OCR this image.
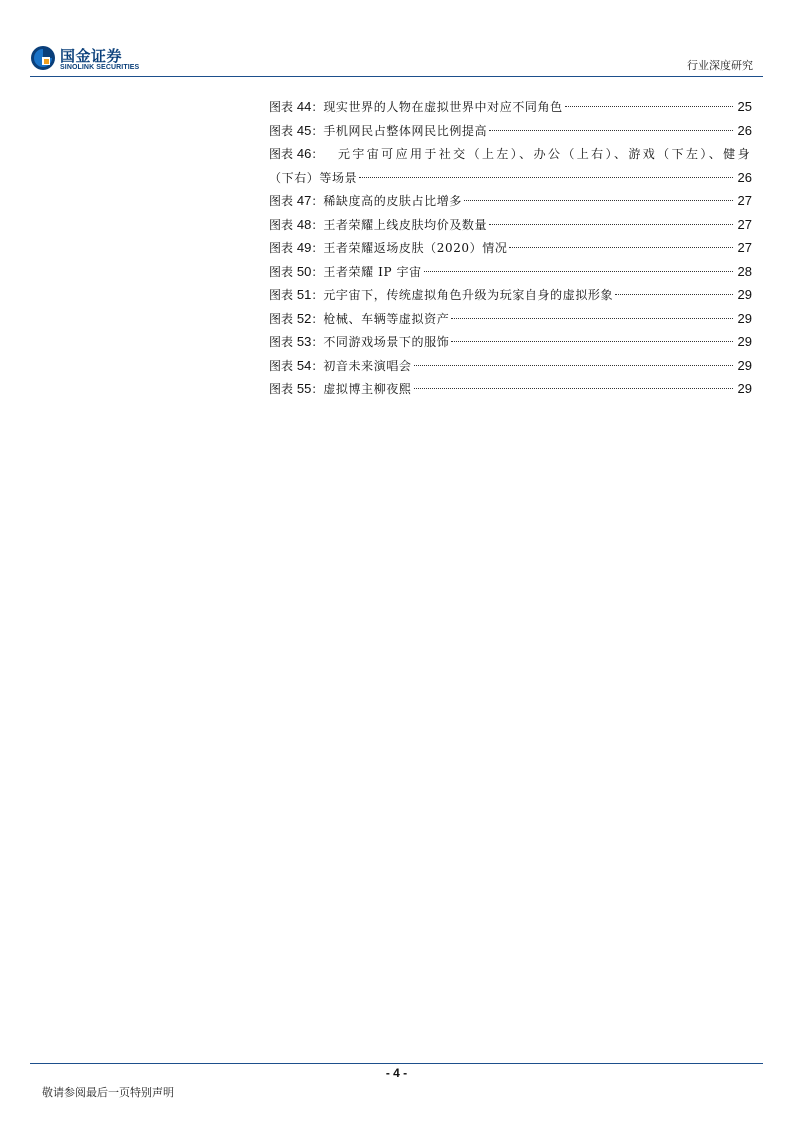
国金证券
SINOLINK SECURITIES	行业深度研究
图表 44： 现实世界的人物在虚拟世界中对应不同角色	25
图表 45： 手机网民占整体网民比例提高	26
图表 46： 元宇宙可应用于社交（上左）、办公（上右）、游戏（下左）、健身
（下右）等场景	26
图表 47： 稀缺度高的皮肤占比增多	27
图表 48： 王者荣耀上线皮肤均价及数量	27
图表 49： 王者荣耀返场皮肤（2020）情况	27
图表 50： 王者荣耀 IP 宇宙	28
图表 51： 元宇宙下，传统虚拟角色升级为玩家自身的虚拟形象	29
图表 52： 枪械、车辆等虚拟资产	29
图表 53： 不同游戏场景下的服饰	29
图表 54： 初音未来演唱会	29
图表 55： 虚拟博主柳夜熙	29
- 4 -
敬请参阅最后一页特别声明
